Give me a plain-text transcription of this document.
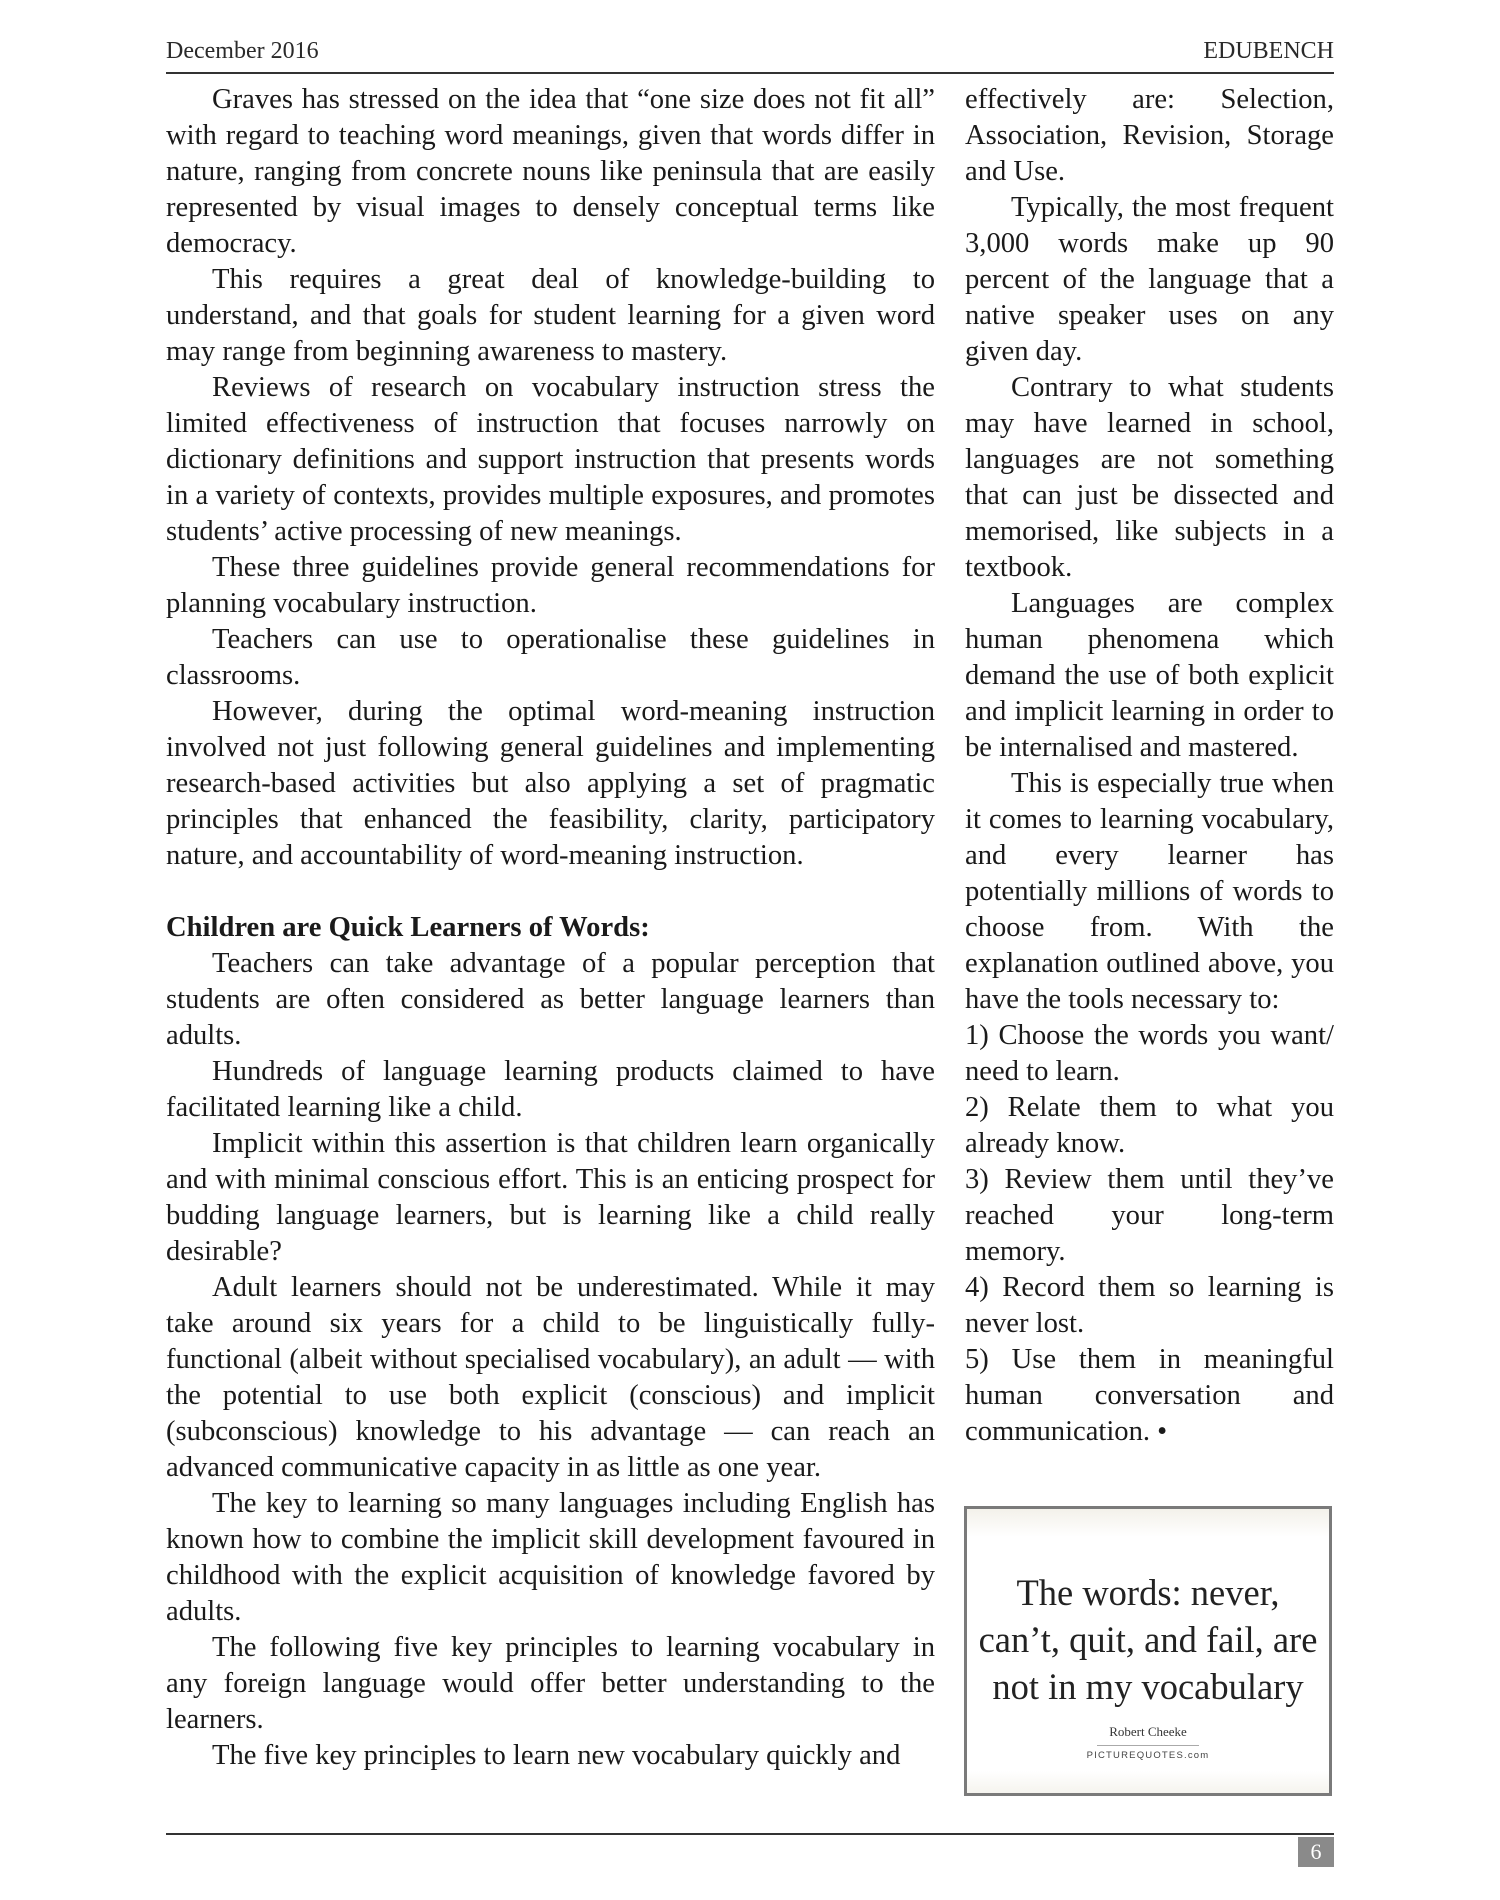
December 2016	EDUBENCH

Graves has stressed on the idea that “one size does not fit all” with regard to teaching word meanings, given that words differ in nature, ranging from concrete nouns like peninsula that are easily represented by visual images to densely conceptual terms like democracy.

This requires a great deal of knowledge-building to understand, and that goals for student learning for a given word may range from beginning awareness to mastery.

Reviews of research on vocabulary instruction stress the limited effectiveness of instruction that focuses narrowly on dictionary definitions and support instruction that presents words in a variety of contexts, provides multiple exposures, and promotes students’ active processing of new meanings.

These three guidelines provide general recommendations for planning vocabulary instruction.

Teachers can use to operationalise these guidelines in classrooms.

However, during the optimal word-meaning instruction involved not just following general guidelines and implementing research-based activities but also applying a set of pragmatic principles that enhanced the feasibility, clarity, participatory nature, and accountability of word-meaning instruction.

Children are Quick Learners of Words:

Teachers can take advantage of a popular perception that students are often considered as better language learners than adults.

Hundreds of language learning products claimed to have facilitated learning like a child.

Implicit within this assertion is that children learn organically and with minimal conscious effort. This is an enticing prospect for budding language learners, but is learning like a child really desirable?

Adult learners should not be underestimated. While it may take around six years for a child to be linguistically fully-functional (albeit without specialised vocabulary), an adult — with the potential to use both explicit (conscious) and implicit (subconscious) knowledge to his advantage — can reach an advanced communicative capacity in as little as one year.

The key to learning so many languages including English has known how to combine the implicit skill development favoured in childhood with the explicit acquisition of knowledge favored by adults.

The following five key principles to learning vocabulary in any foreign language would offer better understanding to the learners.

The five key principles to learn new vocabulary quickly and

effectively are: Selection, Association, Revision, Storage and Use.

Typically, the most frequent 3,000 words make up 90 percent of the language that a native speaker uses on any given day.

Contrary to what students may have learned in school, languages are not something that can just be dissected and memorised, like subjects in a textbook.

Languages are complex human phenomena which demand the use of both explicit and implicit learning in order to be internalised and mastered.

This is especially true when it comes to learning vocabulary, and every learner has potentially millions of words to choose from. With the explanation outlined above, you have the tools necessary to:

1) Choose the words you want/ need to learn.

2) Relate them to what you already know.

3) Review them until they’ve reached your long-term memory.

4) Record them so learning is never lost.

5) Use them in meaningful human conversation and communication. •

The words: never, can’t, quit, and fail, are not in my vocabulary
Robert Cheeke
PICTUREQUOTES.com
6
